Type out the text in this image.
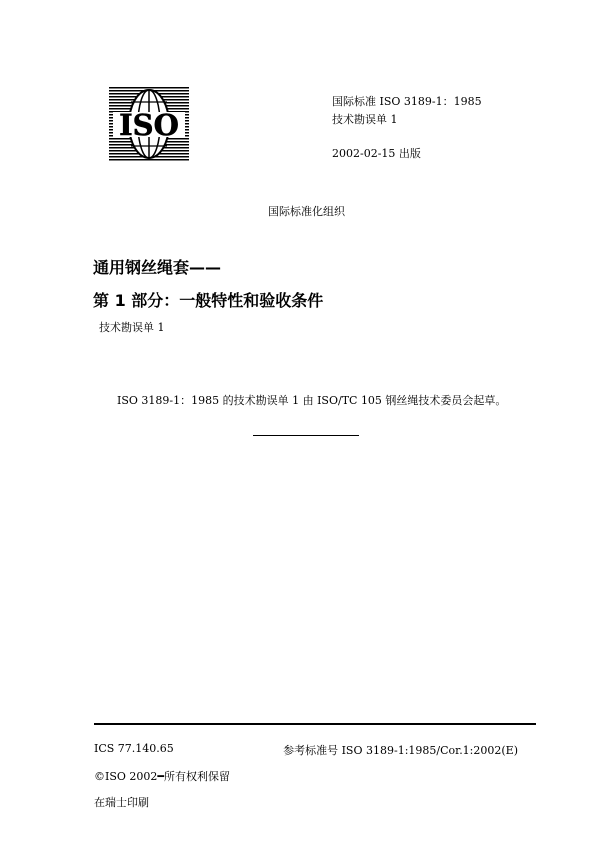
ISO
国际标准 ISO 3189-1：1985
技术勘误单 1
2002-02-15 出版
国际标准化组织
通用钢丝绳套——
第 1 部分：一般特性和验收条件
技术勘误单 1
ISO 3189-1：1985 的技术勘误单 1 由 ISO/TC 105 钢丝绳技术委员会起草。
ICS 77.140.65	参考标准号 ISO 3189-1:1985/Cor.1:2002(E)
©ISO 2002━所有权利保留
在瑞士印刷
